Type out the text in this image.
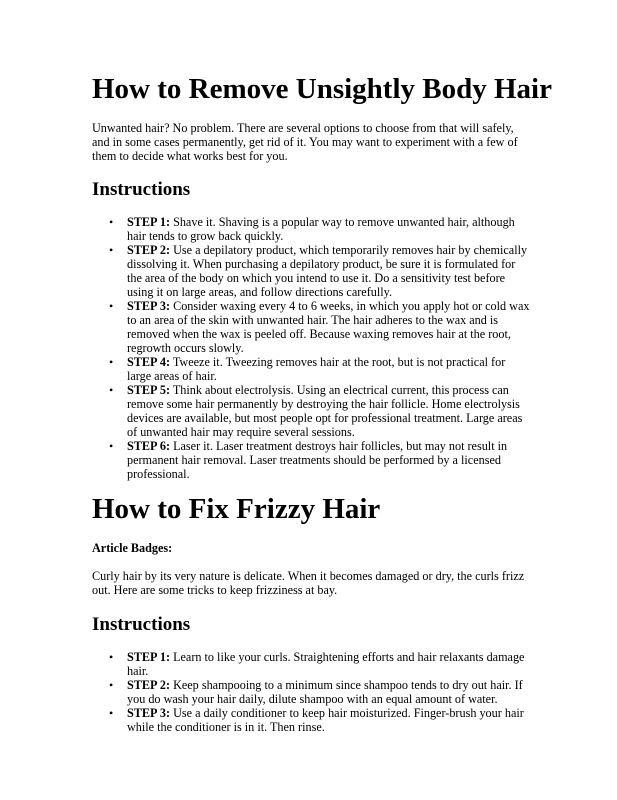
How to Remove Unsightly Body Hair

Unwanted hair? No problem. There are several options to choose from that will safely, and in some cases permanently, get rid of it. You may want to experiment with a few of them to decide what works best for you.

Instructions
• STEP 1: Shave it. Shaving is a popular way to remove unwanted hair, although hair tends to grow back quickly.
• STEP 2: Use a depilatory product, which temporarily removes hair by chemically dissolving it. When purchasing a depilatory product, be sure it is formulated for the area of the body on which you intend to use it. Do a sensitivity test before using it on large areas, and follow directions carefully.
• STEP 3: Consider waxing every 4 to 6 weeks, in which you apply hot or cold wax to an area of the skin with unwanted hair. The hair adheres to the wax and is removed when the wax is peeled off. Because waxing removes hair at the root, regrowth occurs slowly.
• STEP 4: Tweeze it. Tweezing removes hair at the root, but is not practical for large areas of hair.
• STEP 5: Think about electrolysis. Using an electrical current, this process can remove some hair permanently by destroying the hair follicle. Home electrolysis devices are available, but most people opt for professional treatment. Large areas of unwanted hair may require several sessions.
• STEP 6: Laser it. Laser treatment destroys hair follicles, but may not result in permanent hair removal. Laser treatments should be performed by a licensed professional.
How to Fix Frizzy Hair

Article Badges:

Curly hair by its very nature is delicate. When it becomes damaged or dry, the curls frizz out. Here are some tricks to keep frizziness at bay.

Instructions
• STEP 1: Learn to like your curls. Straightening efforts and hair relaxants damage hair.
• STEP 2: Keep shampooing to a minimum since shampoo tends to dry out hair. If you do wash your hair daily, dilute shampoo with an equal amount of water.
• STEP 3: Use a daily conditioner to keep hair moisturized. Finger-brush your hair while the conditioner is in it. Then rinse.
